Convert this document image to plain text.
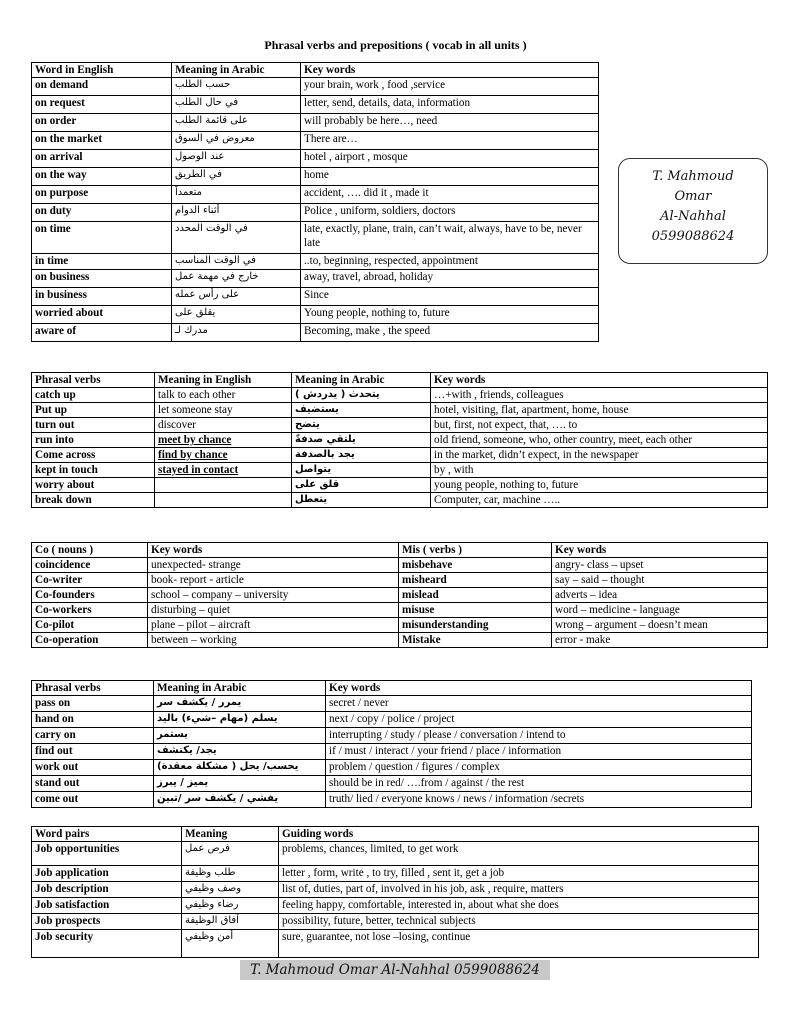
Phrasal verbs and prepositions ( vocab in all units )
Word in English	Meaning in Arabic	Key words
on demand	حسب الطلب	your brain, work , food ,service
on request	في حال الطلب	letter, send, details, data, information
on order	على قائمة الطلب	will probably be here…, need
on the market	معروض في السوق	There are…
on arrival	عند الوصول	hotel , airport , mosque
on the way	في الطريق	home
on purpose	متعمداً	accident, …. did it , made it
on duty	أثناء الدوام	Police , uniform, soldiers, doctors
on time	في الوقت المحدد	late, exactly, plane, train, can’t wait, always, have to be, never late
in time	في الوقت المناسب	..to, beginning, respected, appointment
on business	خارج في مهمة عمل	away, travel, abroad, holiday
in business	على رأس عمله	Since
worried about	يقلق على	Young people, nothing to, future
aware of	مدرك لـ	Becoming, make , the speed
T. Mahmoud
Omar
Al-Nahhal
0599088624
Phrasal verbs	Meaning in English	Meaning in Arabic	Key words
catch up	talk to each other	يتحدث ( يدردش )	…+with , friends, colleagues
Put up	let someone stay	يستضيف	hotel, visiting, flat, apartment, home, house
turn out	discover	يتضح	but, first, not expect, that, …. to
run into	meet by chance	يلتقي صدفةً	old friend, someone, who, other country, meet, each other
Come across	find by chance	يجد بالصدفة	in the market, didn’t expect, in the newspaper
kept in touch	stayed in contact	يتواصل	by , with
worry about		قلق على	young people, nothing to, future
break down		يتعطل	Computer, car, machine …..
Co ( nouns )	Key words	Mis ( verbs )	Key words
coincidence	unexpected- strange	misbehave	angry- class – upset
Co-writer	book- report - article	misheard	say – said – thought
Co-founders	school – company – university	mislead	adverts – idea
Co-workers	disturbing – quiet	misuse	word – medicine - language
Co-pilot	plane – pilot – aircraft	misunderstanding	wrong – argument – doesn’t mean
Co-operation	between – working	Mistake	error - make
Phrasal verbs	Meaning in Arabic	Key words
pass on	يمرر / يكشف سر	secret / never
hand on	يسلم (مهام –شيء) باليد	next / copy / police / project
carry on	يستمر	interrupting / study / please / conversation / intend to
find out	يجد/ يكتشف	if / must / interact / your friend / place / information
work out	يحسب/ يحل ( مشكلة معقدة)	problem / question / figures / complex
stand out	يميز / يبرز	should be in red/ ….from / against / the rest
come out	يفشي / يكشف سر /تبين	truth/ lied / everyone knows / news / information /secrets
Word pairs	Meaning	Guiding words
Job opportunities	فرص عمل	problems, chances, limited, to get work
Job application	طلب وظيفة	letter , form, write , to try, filled , sent it, get a job
Job description	وصف وظيفي	list of, duties, part of, involved in his job, ask , require, matters
Job satisfaction	رضاء وظيفي	feeling happy, comfortable, interested in, about what she does
Job prospects	آفاق الوظيفة	possibility, future, better, technical subjects
Job security	أمن وظيفي	sure, guarantee, not lose –losing, continue
T. Mahmoud Omar Al-Nahhal 0599088624
